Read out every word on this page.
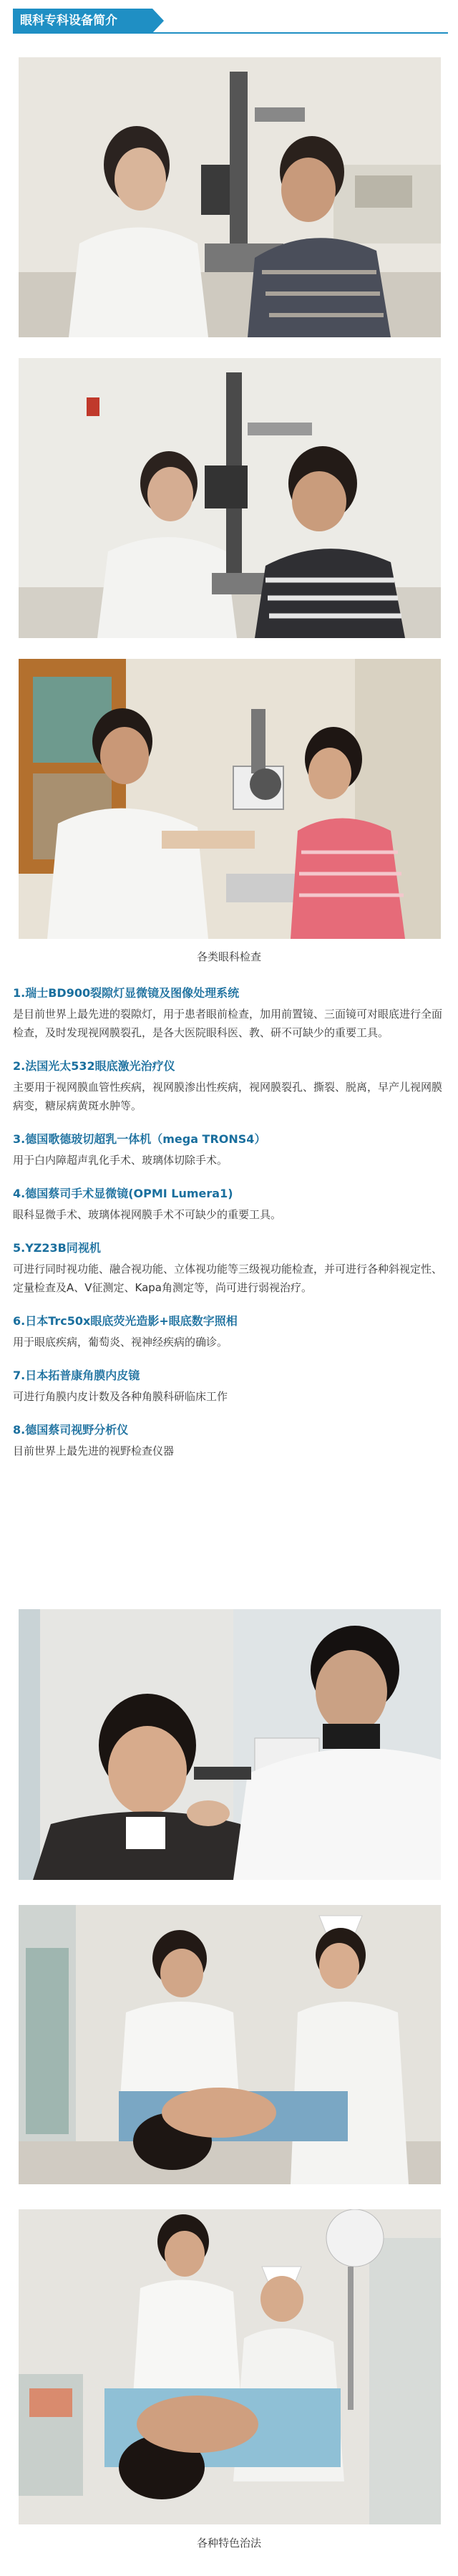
眼科专科设备简介
各类眼科检查
1.瑞士BD900裂隙灯显微镜及图像处理系统
是目前世界上最先进的裂隙灯，用于患者眼前检查，加用前置镜、三面镜可对眼底进行全面检查，及时发现视网膜裂孔，是各大医院眼科医、教、研不可缺少的重要工具。
2.法国光太532眼底激光治疗仪
主要用于视网膜血管性疾病，视网膜渗出性疾病，视网膜裂孔、撕裂、脱离，早产儿视网膜病变，糖尿病黄斑水肿等。
3.德国歌德玻切超乳一体机（mega TRONS4）
用于白内障超声乳化手术、玻璃体切除手术。
4.德国蔡司手术显微镜(OPMI Lumera1)
眼科显微手术、玻璃体视网膜手术不可缺少的重要工具。
5.YZ23B同视机
可进行同时视功能、融合视功能、立体视功能等三级视功能检查，并可进行各种斜视定性、定量检查及A、V征测定、Kapa角测定等，尚可进行弱视治疗。
6.日本Trc50x眼底荧光造影+眼底数字照相
用于眼底疾病，葡萄炎、视神经疾病的确诊。
7.日本拓普康角膜内皮镜
可进行角膜内皮计数及各种角膜科研临床工作
8.德国蔡司视野分析仪
目前世界上最先进的视野检查仪器
各种特色治法
